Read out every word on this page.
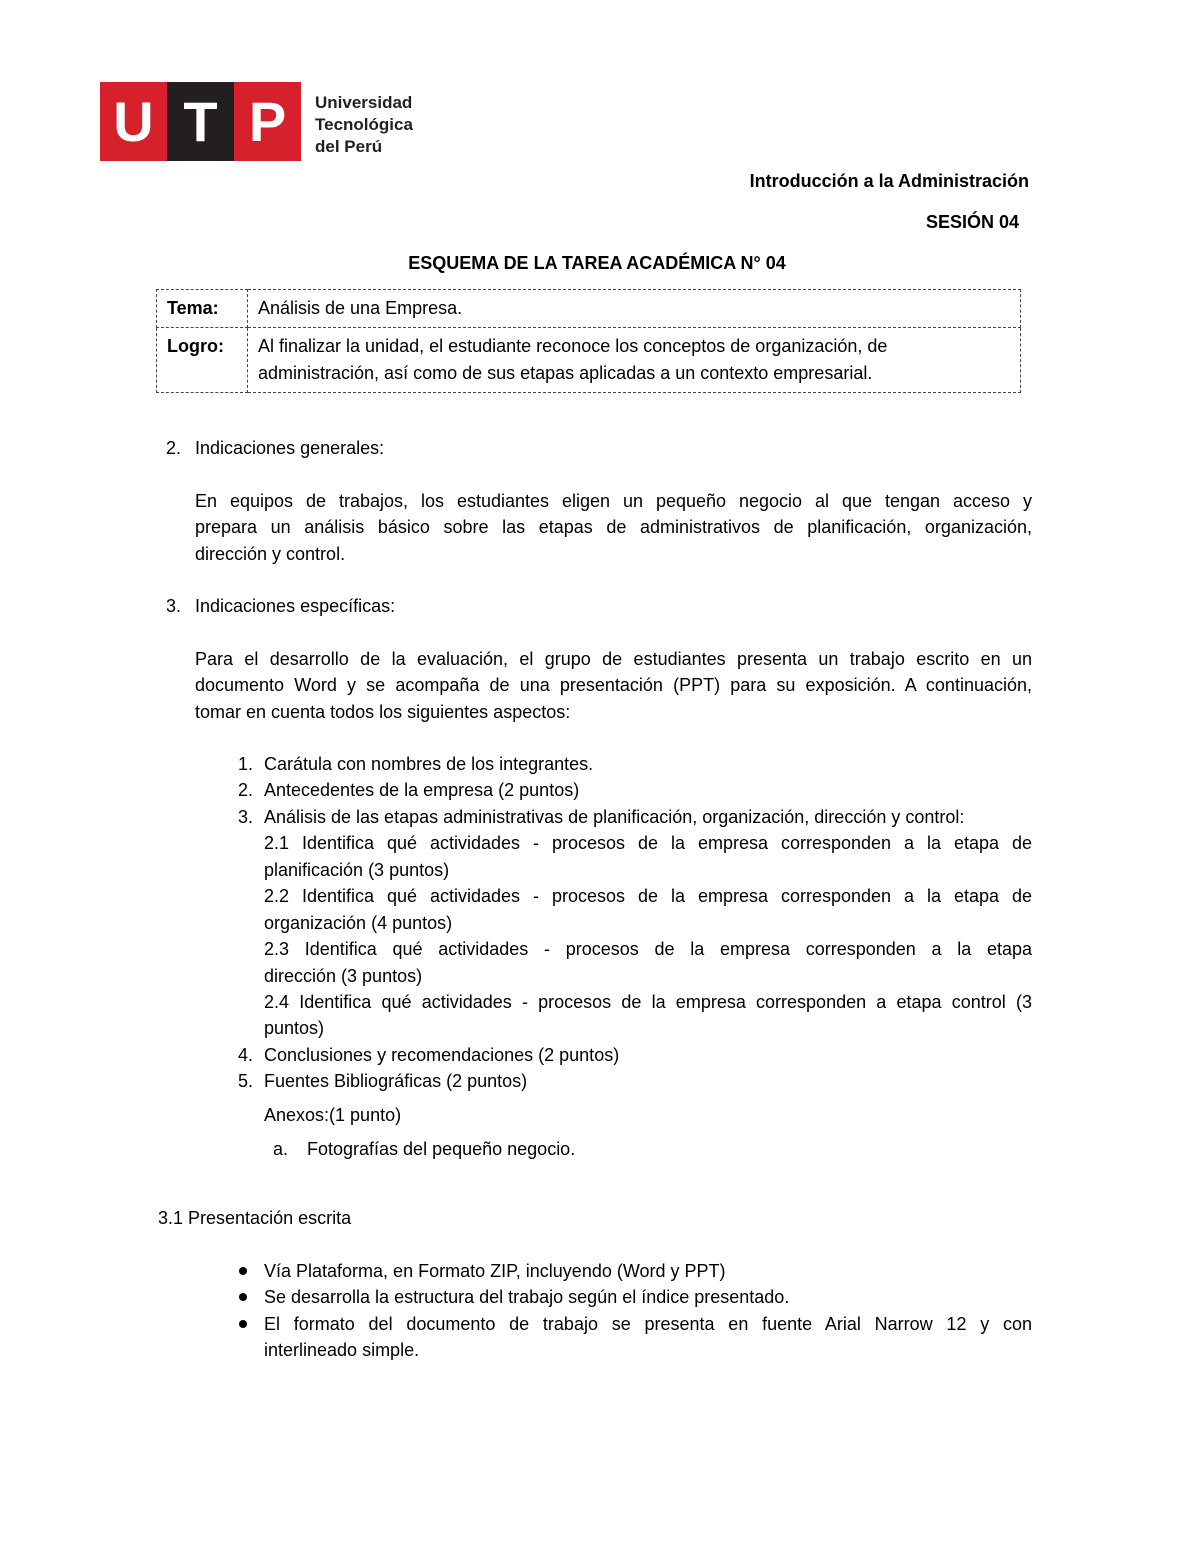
U T P	Universidad
Tecnológica
del Perú
Introducción a la Administración
SESIÓN 04
ESQUEMA DE LA TAREA ACADÉMICA N° 04
Tema:	Análisis de una Empresa.
Logro:	Al finalizar la unidad, el estudiante reconoce los conceptos de organización, de
administración, así como de sus etapas aplicadas a un contexto empresarial.
2. Indicaciones generales:
En equipos de trabajos, los estudiantes eligen un pequeño negocio al que tengan acceso y
prepara un análisis básico sobre las etapas de administrativos de planificación, organización,
dirección y control.
3. Indicaciones específicas:
Para el desarrollo de la evaluación, el grupo de estudiantes presenta un trabajo escrito en un
documento Word y se acompaña de una presentación (PPT) para su exposición. A continuación,
tomar en cuenta todos los siguientes aspectos:
1. Carátula con nombres de los integrantes.
2. Antecedentes de la empresa (2 puntos)
3. Análisis de las etapas administrativas de planificación, organización, dirección y control:
2.1 Identifica qué actividades - procesos de la empresa corresponden a la etapa de
planificación (3 puntos)
2.2 Identifica qué actividades - procesos de la empresa corresponden a la etapa de
organización (4 puntos)
2.3 Identifica qué actividades - procesos de la empresa corresponden a la etapa
dirección (3 puntos)
2.4 Identifica qué actividades - procesos de la empresa corresponden a etapa control (3
puntos)
4. Conclusiones y recomendaciones (2 puntos)
5. Fuentes Bibliográficas (2 puntos)
Anexos:(1 punto)
a. Fotografías del pequeño negocio.
3.1 Presentación escrita
Vía Plataforma, en Formato ZIP, incluyendo (Word y PPT)
Se desarrolla la estructura del trabajo según el índice presentado.
El formato del documento de trabajo se presenta en fuente Arial Narrow 12 y con
interlineado simple.
